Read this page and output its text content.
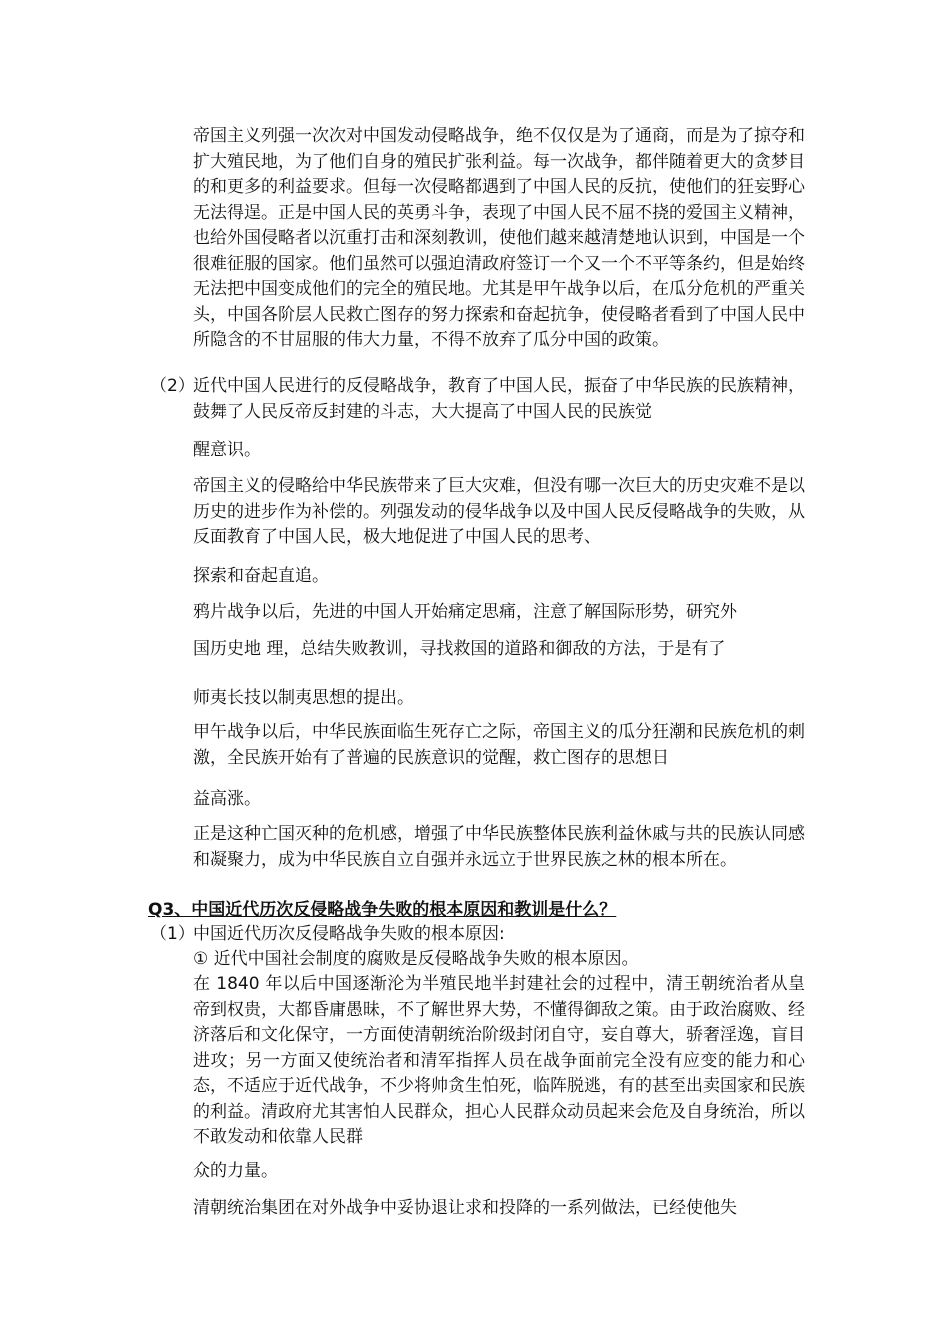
帝国主义列强一次次对中国发动侵略战争，绝不仅仅是为了通商，而是为了掠夺和扩大殖民地，为了他们自身的殖民扩张利益。每一次战争，都伴随着更大的贪梦目的和更多的利益要求。但每一次侵略都遇到了中国人民的反抗，使他们的狂妄野心无法得逞。正是中国人民的英勇斗争，表现了中国人民不屈不挠的爱国主义精神，也给外国侵略者以沉重打击和深刻教训，使他们越来越清楚地认识到，中国是一个很难征服的国家。他们虽然可以强迫清政府签订一个又一个不平等条约，但是始终无法把中国变成他们的完全的殖民地。尤其是甲午战争以后，在瓜分危机的严重关头，中国各阶层人民救亡图存的努力探索和奋起抗争，使侵略者看到了中国人民中所隐含的不甘屈服的伟大力量，不得不放弃了瓜分中国的政策。

（2）

近代中国人民进行的反侵略战争，教育了中国人民，振奋了中华民族的民族精神，鼓舞了人民反帝反封建的斗志，大大提高了中国人民的民族觉

醒意识。

帝国主义的侵略给中华民族带来了巨大灾难，但没有哪一次巨大的历史灾难不是以历史的进步作为补偿的。列强发动的侵华战争以及中国人民反侵略战争的失败，从反面教育了中国人民，极大地促进了中国人民的思考、

探索和奋起直追。

鸦片战争以后，先进的中国人开始痛定思痛，注意了解国际形势，研究外

国历史地 理，总结失败教训，寻找救国的道路和御敌的方法，于是有了

师夷长技以制夷思想的提出。

甲午战争以后，中华民族面临生死存亡之际，帝国主义的瓜分狂潮和民族危机的刺激，全民族开始有了普遍的民族意识的觉醒，救亡图存的思想日

益高涨。

正是这种亡国灭种的危机感，增强了中华民族整体民族利益休戚与共的民族认同感和凝聚力，成为中华民族自立自强并永远立于世界民族之林的根本所在。

Q3、中国近代历次反侵略战争失败的根本原因和教训是什么？

（1）

中国近代历次反侵略战争失败的根本原因:

① 近代中国社会制度的腐败是反侵略战争失败的根本原因。

在 1840 年以后中国逐渐沦为半殖民地半封建社会的过程中，清王朝统治者从皇帝到权贵，大都昏庸愚昧，不了解世界大势，不懂得御敌之策。由于政治腐败、经济落后和文化保守，一方面使清朝统治阶级封闭自守，妄自尊大，骄奢淫逸，盲目进攻；另一方面又使统治者和清军指挥人员在战争面前完全没有应变的能力和心态，不适应于近代战争，不少将帅贪生怕死，临阵脱逃，有的甚至出卖国家和民族的利益。清政府尤其害怕人民群众，担心人民群众动员起来会危及自身统治，所以不敢发动和依靠人民群

众的力量。

清朝统治集团在对外战争中妥协退让求和投降的一系列做法，已经使他失
